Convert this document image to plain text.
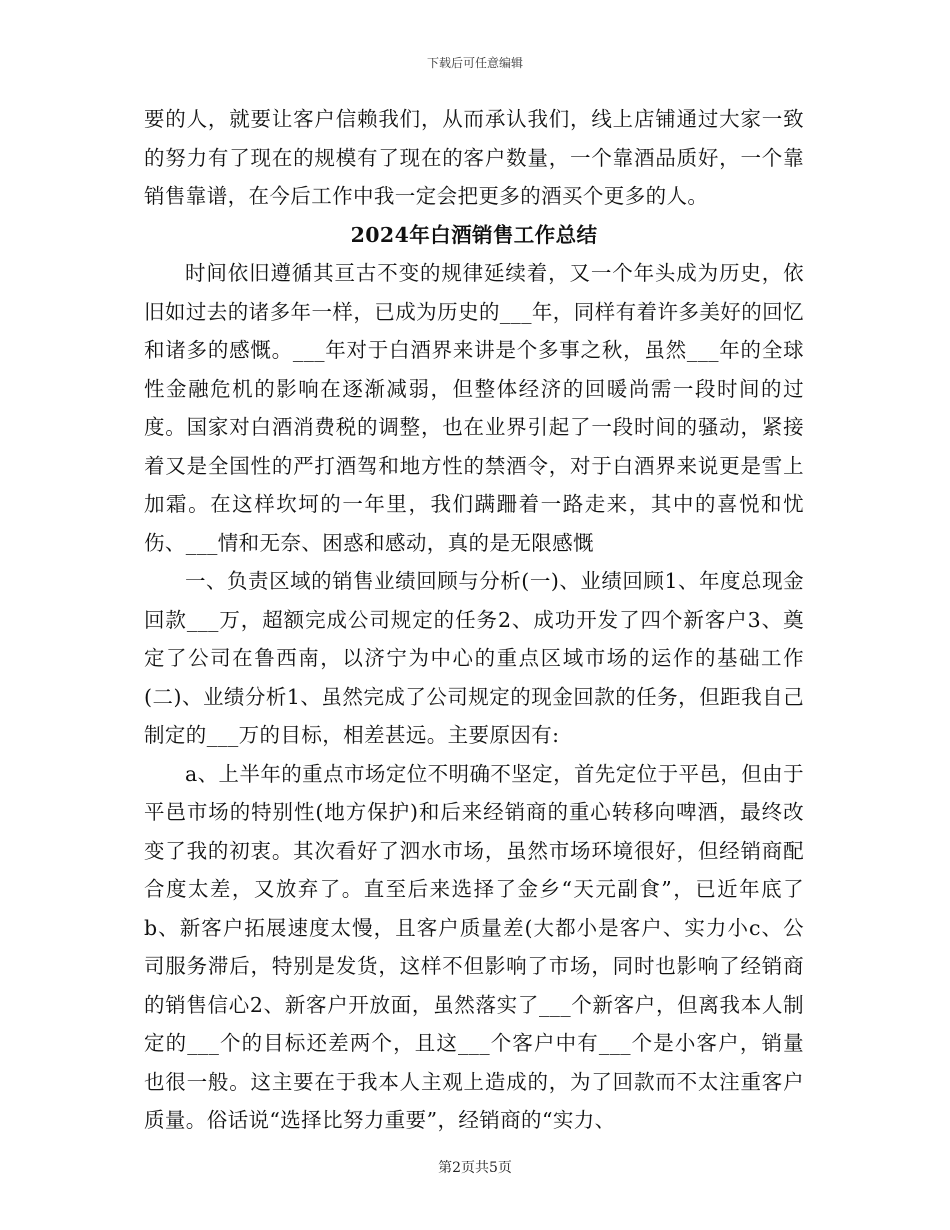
下载后可任意编辑

要的人，就要让客户信赖我们，从而承认我们，线上店铺通过大家一致的努力有了现在的规模有了现在的客户数量，一个靠酒品质好，一个靠销售靠谱，在今后工作中我一定会把更多的酒买个更多的人。

2024年白酒销售工作总结

时间依旧遵循其亘古不变的规律延续着，又一个年头成为历史，依旧如过去的诸多年一样，已成为历史的___年，同样有着许多美好的回忆和诸多的感慨。___年对于白酒界来讲是个多事之秋，虽然___年的全球性金融危机的影响在逐渐减弱，但整体经济的回暖尚需一段时间的过度。国家对白酒消费税的调整，也在业界引起了一段时间的骚动，紧接着又是全国性的严打酒驾和地方性的禁酒令，对于白酒界来说更是雪上加霜。在这样坎坷的一年里，我们蹒跚着一路走来，其中的喜悦和忧伤、___情和无奈、困惑和感动，真的是无限感慨

一、负责区域的销售业绩回顾与分析(一)、业绩回顾1、年度总现金回款___万，超额完成公司规定的任务2、成功开发了四个新客户3、奠定了公司在鲁西南，以济宁为中心的重点区域市场的运作的基础工作(二)、业绩分析1、虽然完成了公司规定的现金回款的任务，但距我自己制定的___万的目标，相差甚远。主要原因有:

a、上半年的重点市场定位不明确不坚定，首先定位于平邑，但由于平邑市场的特别性(地方保护)和后来经销商的重心转移向啤酒，最终改变了我的初衷。其次看好了泗水市场，虽然市场环境很好，但经销商配合度太差，又放弃了。直至后来选择了金乡“天元副食”，已近年底了b、新客户拓展速度太慢，且客户质量差(大都小是客户、实力小c、公司服务滞后，特别是发货，这样不但影响了市场，同时也影响了经销商的销售信心2、新客户开放面，虽然落实了___个新客户，但离我本人制定的___个的目标还差两个，且这___个客户中有___个是小客户，销量也很一般。这主要在于我本人主观上造成的，为了回款而不太注重客户质量。俗话说“选择比努力重要”，经销商的“实力、

第2页共5页
